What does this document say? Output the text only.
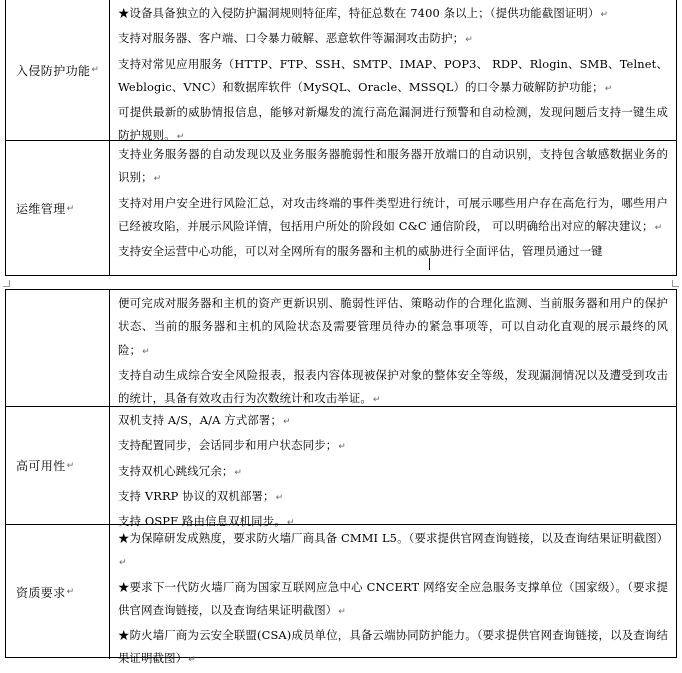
入侵防护功能 ↵
★设备具备独立的入侵防护漏洞规则特征库，特征总数在 7400 条以上；（提供功能截图证明）↵
支持对服务器、客户端、口令暴力破解、恶意软件等漏洞攻击防护；↵
支持对常见应用服务（HTTP、FTP、SSH、SMTP、IMAP、POP3、 RDP、Rlogin、SMB、Telnet、Weblogic、VNC）和数据库软件（MySQL、Oracle、MSSQL）的口令暴力破解防护功能；↵
可提供最新的威胁情报信息，能够对新爆发的流行高危漏洞进行预警和自动检测，发现问题后支持一键生成防护规则。↵
运维管理 ↵
支持业务服务器的自动发现以及业务服务器脆弱性和服务器开放端口的自动识别，支持包含敏感数据业务的识别；↵
支持对用户安全进行风险汇总，对攻击终端的事件类型进行统计，可展示哪些用户存在高危行为，哪些用户已经被攻陷，并展示风险详情，包括用户所处的阶段如 C&C 通信阶段， 可以明确给出对应的解决建议；↵
支持安全运营中心功能，可以对全网所有的服务器和主机的威胁进行全面评估，管理员通过一键
便可完成对服务器和主机的资产更新识别、脆弱性评估、策略动作的合理化监测、当前服务器和用户的保护状态、当前的服务器和主机的风险状态及需要管理员待办的紧急事项等，可以自动化直观的展示最终的风险；↵
支持自动生成综合安全风险报表，报表内容体现被保护对象的整体安全等级，发现漏洞情况以及遭受到攻击的统计，具备有效攻击行为次数统计和攻击举证。↵
高可用性 ↵
双机支持 A/S，A/A 方式部署；↵
支持配置同步，会话同步和用户状态同步；↵
支持双机心跳线冗余；↵
支持 VRRP 协议的双机部署；↵
支持 OSPF 路由信息双机同步。↵
资质要求 ↵
★为保障研发成熟度，要求防火墙厂商具备 CMMI L5。（要求提供官网查询链接，以及查询结果证明截图）↵
★要求下一代防火墙厂商为国家互联网应急中心 CNCERT 网络安全应急服务支撑单位（国家级）。（要求提供官网查询链接，以及查询结果证明截图）↵
★防火墙厂商为云安全联盟(CSA)成员单位，具备云端协同防护能力。（要求提供官网查询链接，以及查询结果证明截图）↵
